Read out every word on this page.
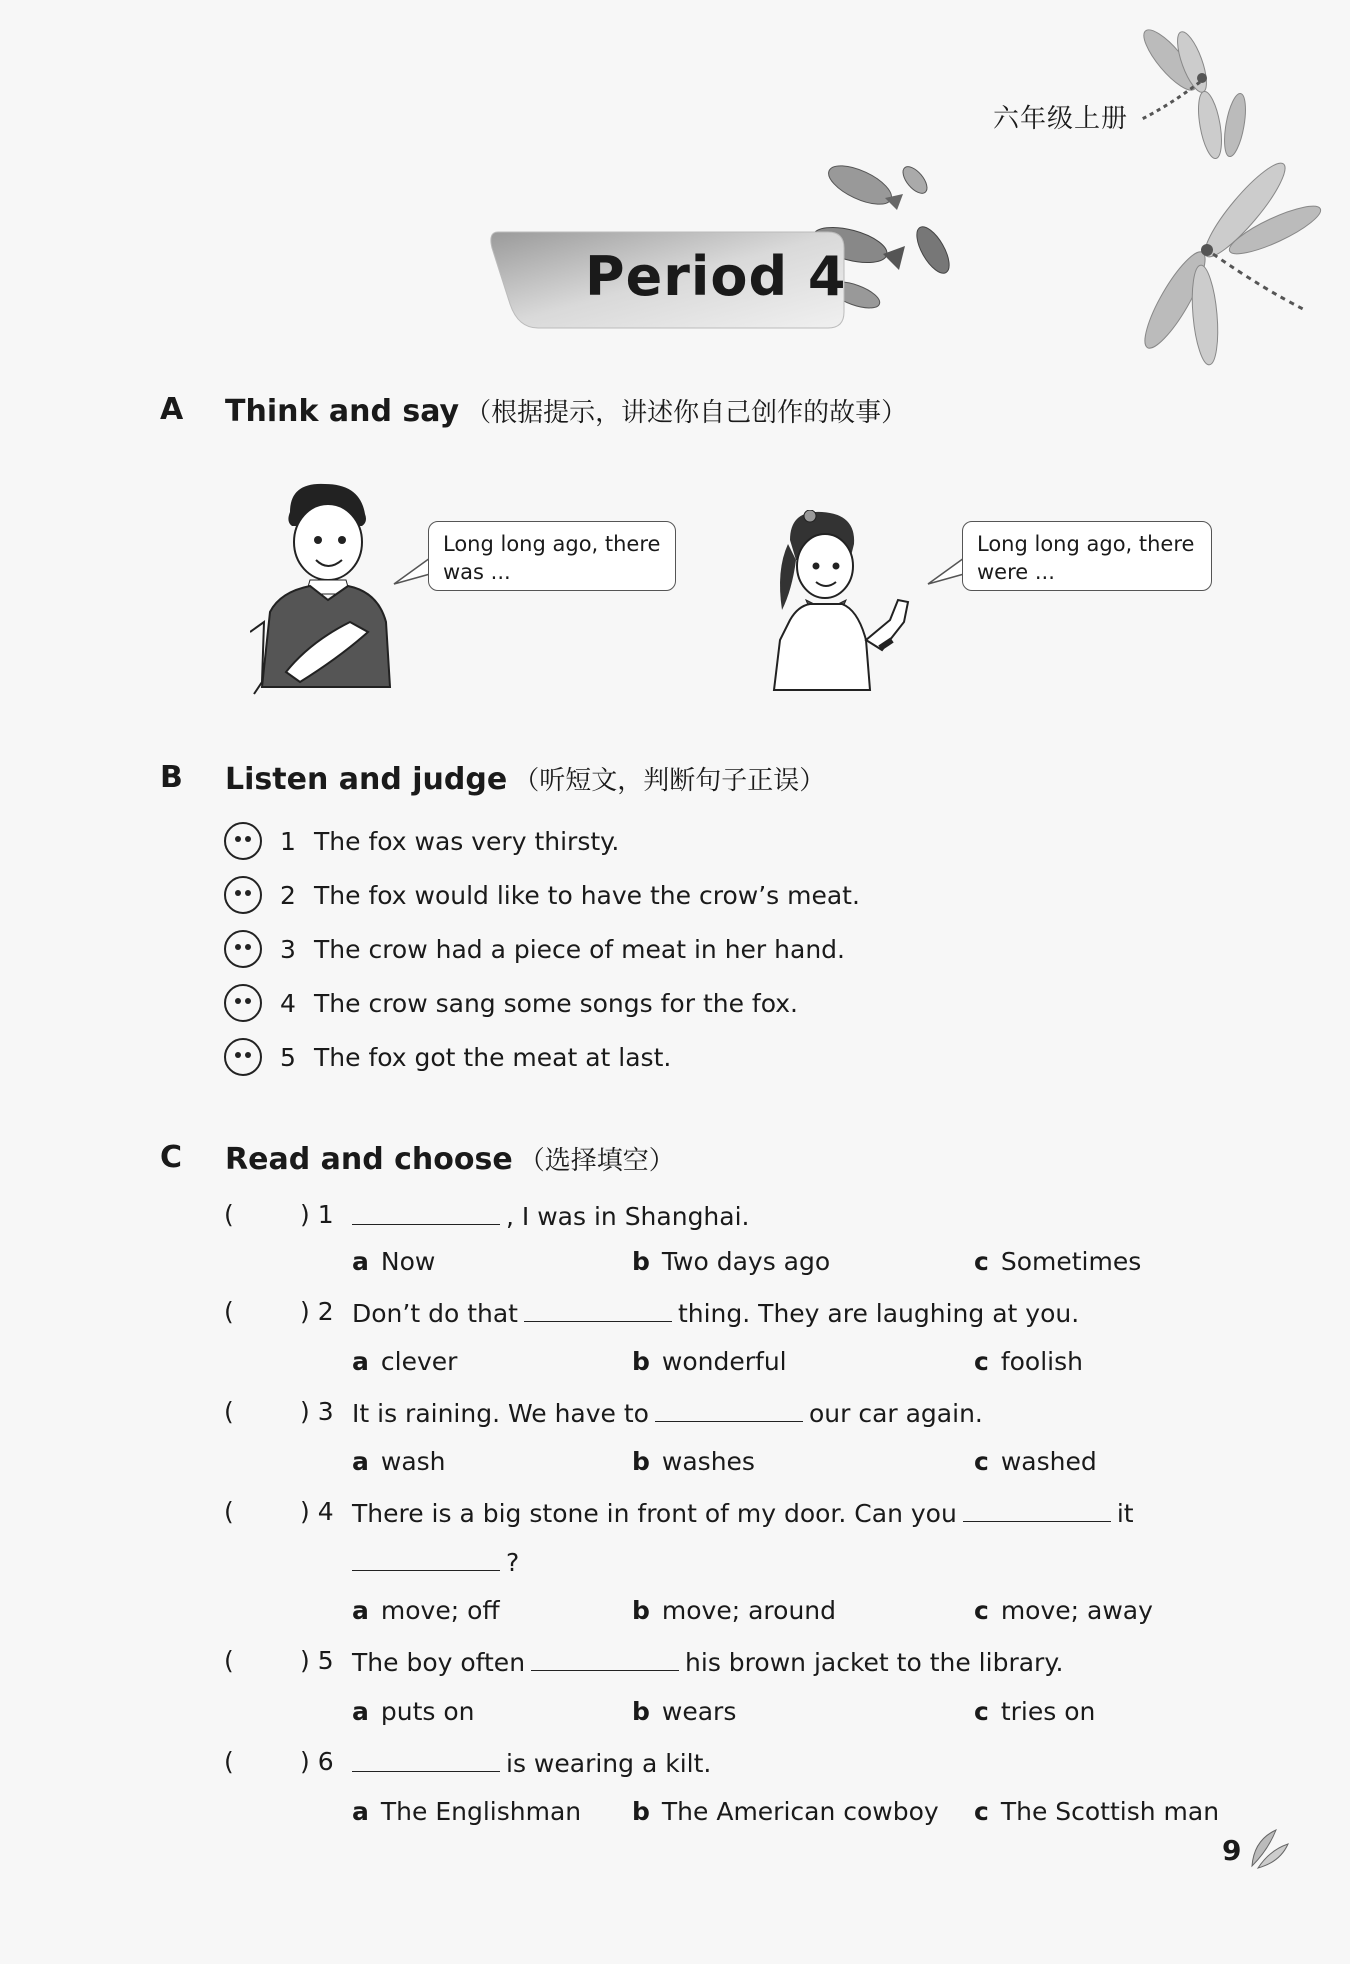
六年级上册
Period 4
A Think and say （根据提示，讲述你自己创作的故事）
Long long ago, there
was ...
Long long ago, there
were ...
B Listen and judge （听短文，判断句子正误）
1 The fox was very thirsty.
2 The fox would like to have the crow’s meat.
3 The crow had a piece of meat in her hand.
4 The crow sang some songs for the fox.
5 The fox got the meat at last.
C Read and choose （选择填空）
(	) 1	, I was in Shanghai.
a Now	b Two days ago	c Sometimes
(	) 2 Don’t do that	thing. They are laughing at you.
a clever	b wonderful	c foolish
(	) 3 It is raining. We have to	our car again.
a wash	b washes	c washed
(	) 4 There is a big stone in front of my door. Can you	it
?
a move; off	b move; around	c move; away
(	) 5 The boy often	his brown jacket to the library.
a puts on	b wears	c tries on
(	) 6	is wearing a kilt.
a The Englishman b The American cowboy c The Scottish man
9
